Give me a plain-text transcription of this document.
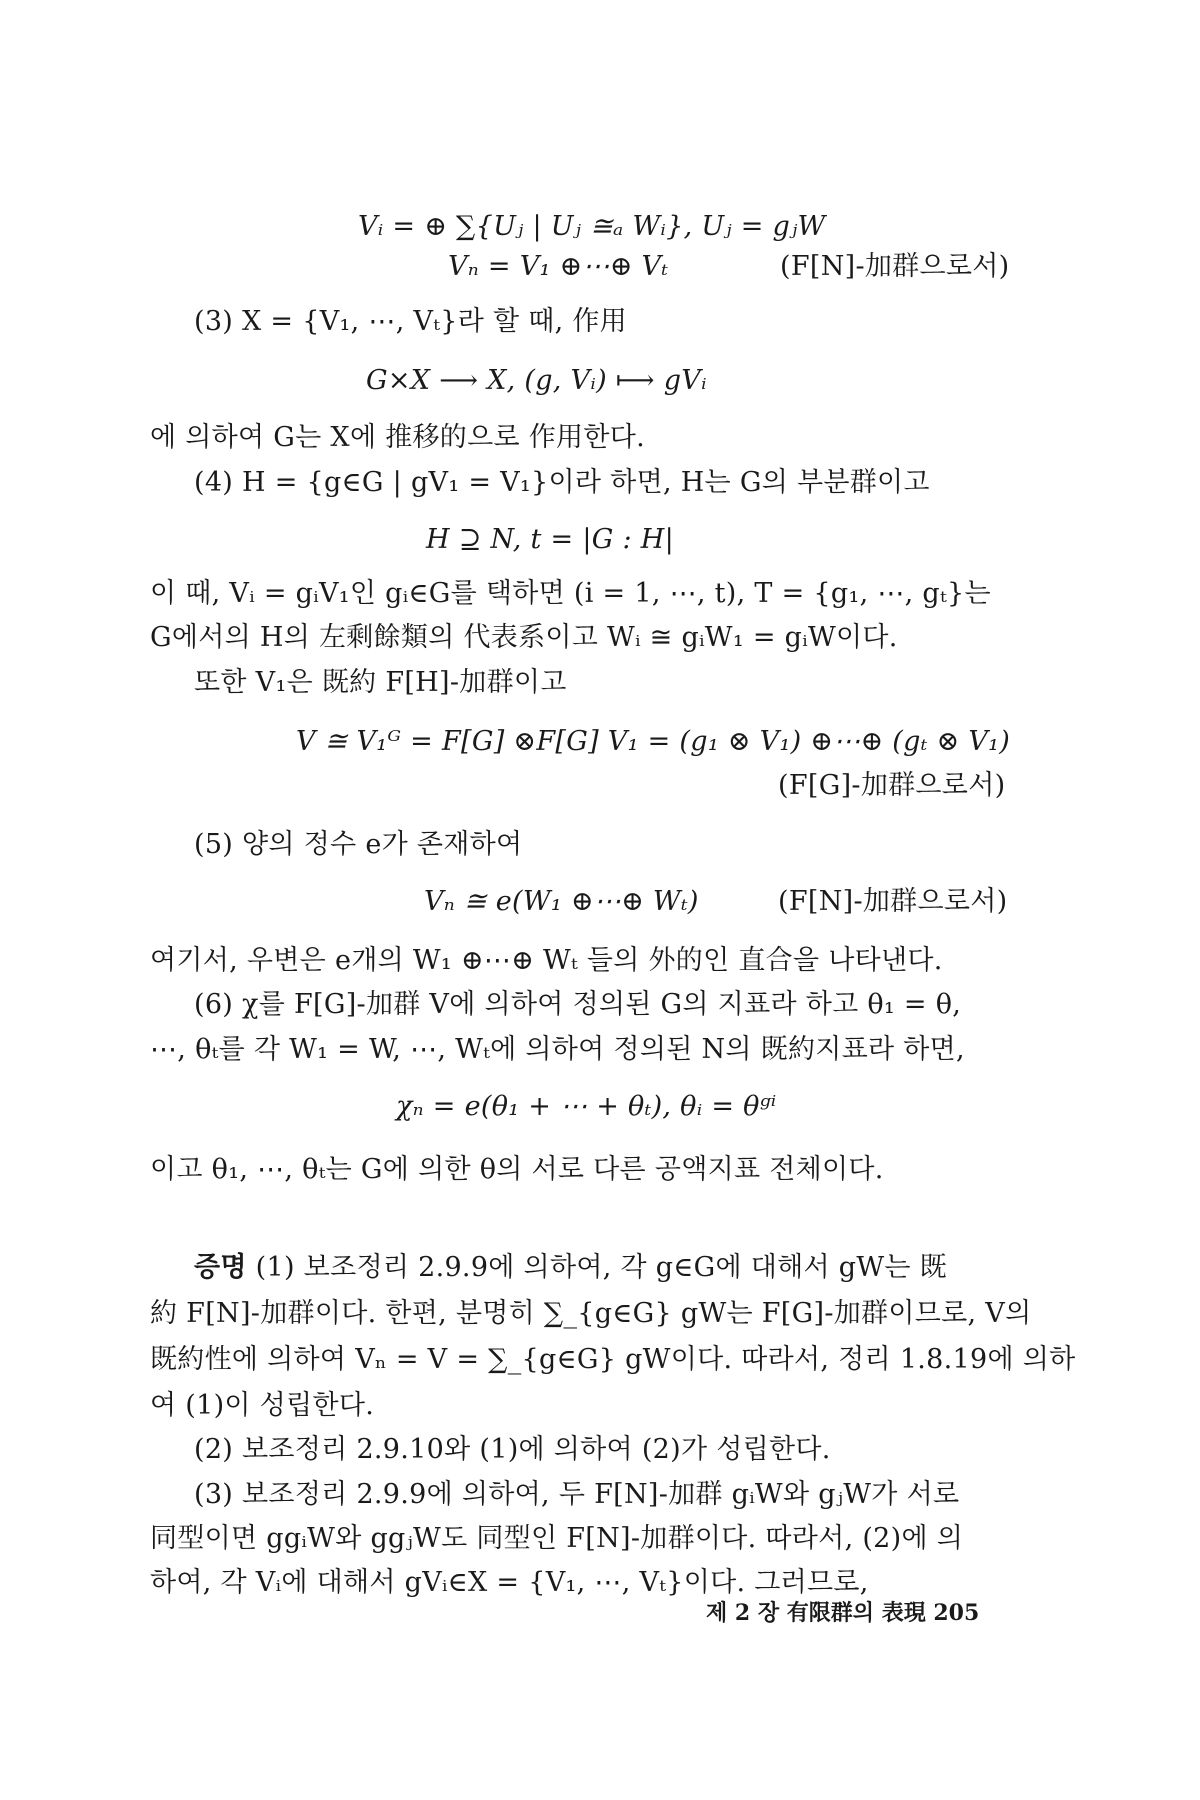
Vᵢ = ⊕ ∑{Uⱼ | Uⱼ ≅ₐ Wᵢ}, Uⱼ = gⱼW
Vₙ = V₁ ⊕⋯⊕ Vₜ	(F[N]-加群으로서)
(3) X = {V₁, ⋯, Vₜ}라 할 때, 作用
G×X ⟶ X, (g, Vᵢ) ⟼ gVᵢ
에 의하여 G는 X에 推移的으로 作用한다.
(4) H = {g∈G | gV₁ = V₁}이라 하면, H는 G의 부분群이고
H ⊇ N, t = |G : H|
이 때, Vᵢ = gᵢV₁인 gᵢ∈G를 택하면 (i = 1, ⋯, t), T = {g₁, ⋯, gₜ}는
G에서의 H의 左剩餘類의 代表系이고 Wᵢ ≅ gᵢW₁ = gᵢW이다.
또한 V₁은 既約 F[H]-加群이고
V ≅ V₁ᴳ = F[G] ⊗F[G] V₁ = (g₁ ⊗ V₁) ⊕⋯⊕ (gₜ ⊗ V₁)
(F[G]-加群으로서)
(5) 양의 정수 e가 존재하여
Vₙ ≅ e(W₁ ⊕⋯⊕ Wₜ)	(F[N]-加群으로서)
여기서, 우변은 e개의 W₁ ⊕⋯⊕ Wₜ 들의 外的인 直合을 나타낸다.
(6) χ를 F[G]-加群 V에 의하여 정의된 G의 지표라 하고 θ₁ = θ,
⋯, θₜ를 각 W₁ = W, ⋯, Wₜ에 의하여 정의된 N의 既約지표라 하면,
χₙ = e(θ₁ + ⋯ + θₜ), θᵢ = θᵍⁱ
이고 θ₁, ⋯, θₜ는 G에 의한 θ의 서로 다른 공액지표 전체이다.
증명 (1) 보조정리 2.9.9에 의하여, 각 g∈G에 대해서 gW는 既
約 F[N]-加群이다. 한편, 분명히 ∑_{g∈G} gW는 F[G]-加群이므로, V의
既約性에 의하여 Vₙ = V = ∑_{g∈G} gW이다. 따라서, 정리 1.8.19에 의하
여 (1)이 성립한다.
(2) 보조정리 2.9.10와 (1)에 의하여 (2)가 성립한다.
(3) 보조정리 2.9.9에 의하여, 두 F[N]-加群 gᵢW와 gⱼW가 서로
同型이면 ggᵢW와 ggⱼW도 同型인 F[N]-加群이다. 따라서, (2)에 의
하여, 각 Vᵢ에 대해서 gVᵢ∈X = {V₁, ⋯, Vₜ}이다. 그러므로,
제 2 장 有限群의 表現 205
